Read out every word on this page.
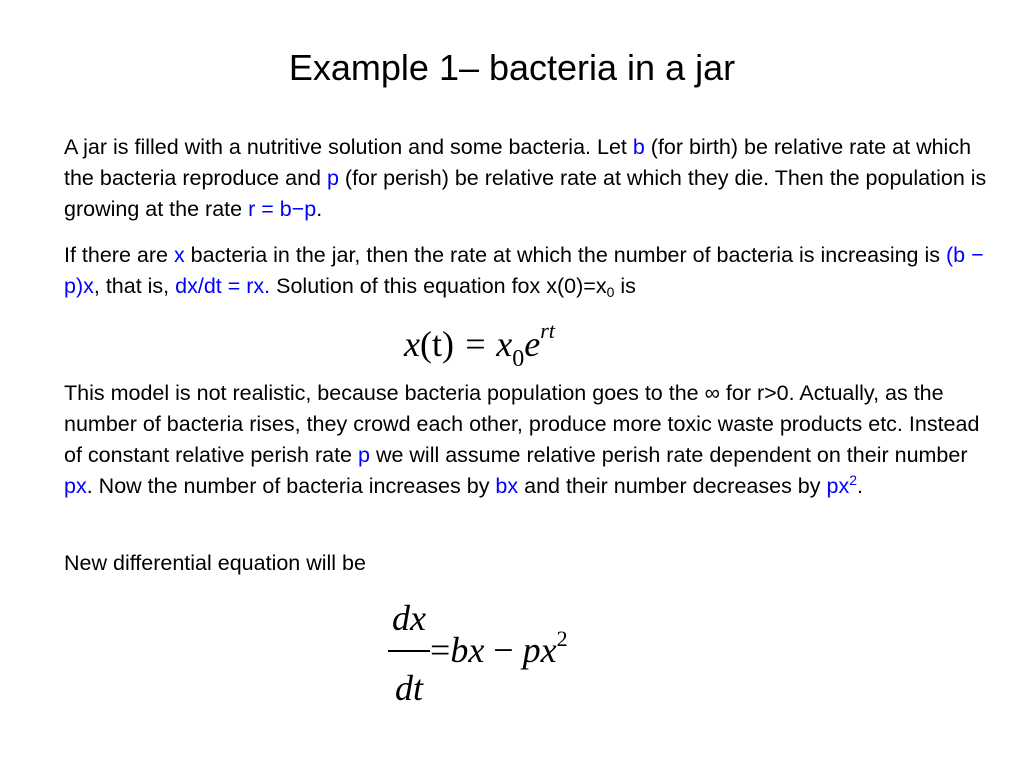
Example 1– bacteria in a jar
A jar is filled with a nutritive solution and some bacteria. Let b (for birth) be relative rate at which the bacteria reproduce and p (for perish) be relative rate at which they die. Then the population is growing at the rate r = b−p.
If there are x bacteria in the jar, then the rate at which the number of bacteria is increasing is (b − p)x, that is, dx/dt = rx. Solution of this equation fox $x(0)=x_0$ is
$x(t) = x_0e^{rt}$
This model is not realistic, because bacteria population goes to the ∞ for r>0. Actually, as the number of bacteria rises, they crowd each other, produce more toxic waste products etc. Instead of constant relative perish rate p we will assume relative perish rate dependent on their number px. Now the number of bacteria increases by bx and their number decreases by $px^2$.
New differential equation will be
dx
dt
$=bx - px^2$
